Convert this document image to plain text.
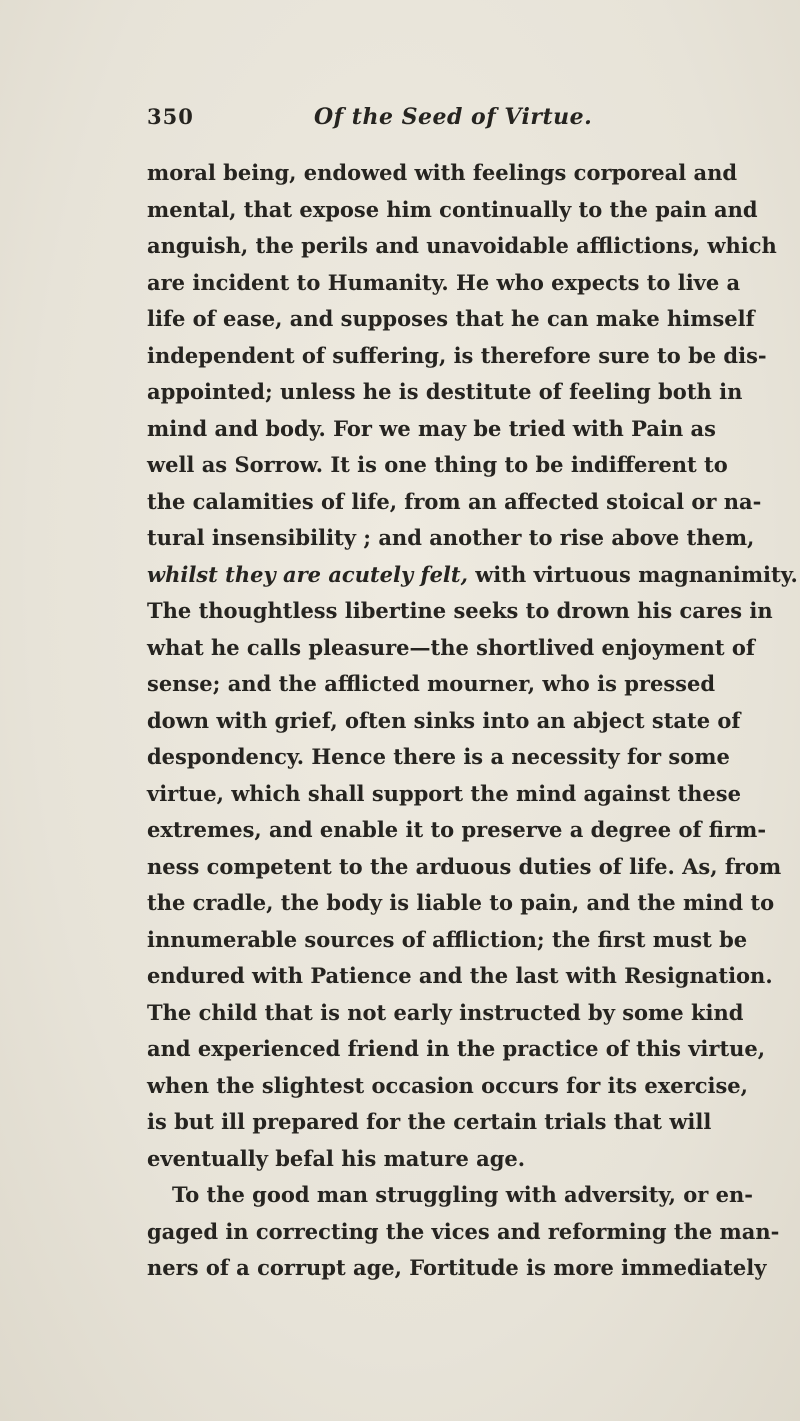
350	Of the Seed of Virtue.
moral being, endowed with feelings corporeal and
mental, that expose him continually to the pain and
anguish, the perils and unavoidable afflictions, which
are incident to Humanity. He who expects to live a
life of ease, and supposes that he can make himself
independent of suffering, is therefore sure to be dis-
appointed; unless he is destitute of feeling both in
mind and body. For we may be tried with Pain as
well as Sorrow. It is one thing to be indifferent to
the calamities of life, from an affected stoical or na-
tural insensibility ; and another to rise above them,
whilst they are acutely felt, with virtuous magnanimity.
The thoughtless libertine seeks to drown his cares in
what he calls pleasure—the shortlived enjoyment of
sense; and the afflicted mourner, who is pressed
down with grief, often sinks into an abject state of
despondency. Hence there is a necessity for some
virtue, which shall support the mind against these
extremes, and enable it to preserve a degree of firm-
ness competent to the arduous duties of life. As, from
the cradle, the body is liable to pain, and the mind to
innumerable sources of affliction; the first must be
endured with Patience and the last with Resignation.
The child that is not early instructed by some kind
and experienced friend in the practice of this virtue,
when the slightest occasion occurs for its exercise,
is but ill prepared for the certain trials that will
eventually befal his mature age.
To the good man struggling with adversity, or en-
gaged in correcting the vices and reforming the man-
ners of a corrupt age, Fortitude is more immediately
